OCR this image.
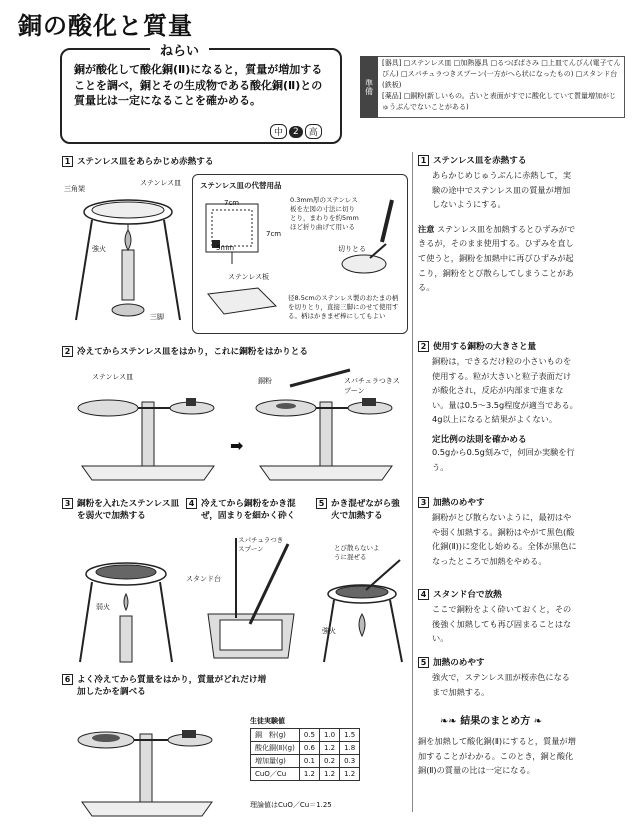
銅の酸化と質量
ねらい
銅が酸化して酸化銅(Ⅱ)になると，質量が増加することを調べ，銅とその生成物である酸化銅(Ⅱ)との質量比は一定になることを確かめる。
中	2	高
準備
[器具] □ステンレス皿 □加熱器具 □るつぼばさみ □上皿てんびん(電子てんびん) □スパチュラつきスプーン(一方がへら状になったもの) □スタンド台(鉄板)
[薬品] □銅粉(新しいもの。古いと表面がすでに酸化していて質量増加がじゅうぶんでないことがある)
1 ステンレス皿をあらかじめ赤熱する
三角架
ステンレス皿
強火
三脚
ステンレス皿の代替用品
7cm
7cm
5mm
0.3mm厚のステンレス板を左図の寸法に切りとり，まわりを約5mmほど折り曲げて用いる
切りとる
ステンレス板
径8.5cmのステンレス製のおたまの柄を切りとり，直接三脚にのせて使用する。柄はかきまぜ棒にしてもよい
2 冷えてからステンレス皿をはかり，これに銅粉をはかりとる
ステンレス皿
➡
銅粉	スパチュラつきスプーン
3 銅粉を入れたステンレス皿を弱火で加熱する
4 冷えてから銅粉をかき混ぜ，固まりを細かく砕く
5 かき混ぜながら強火で加熱する
弱火
スパチュラつきスプーン
スタンド台
とび散らないように混ぜる
強火
6 よく冷えてから質量をはかり，質量がどれだけ増加したかを調べる
生徒実験値
銅　粉(g)	0.5	1.0	1.5
酸化銅(Ⅱ)(g)	0.6	1.2	1.8
増加量(g)	0.1	0.2	0.3
CuO／Cu	1.2	1.2	1.2
理論値はCuO／Cu＝1.25
1 ステンレス皿を赤熱する
あらかじめじゅうぶんに赤熱して，実験の途中でステンレス皿の質量が増加しないようにする。
注意 ステンレス皿を加熱するとひずみができるが，そのまま使用する。ひずみを直して使うと，銅粉を加熱中に再びひずみが起こり，銅粉をとび散らしてしまうことがある。
2 使用する銅粉の大きさと量
銅粉は，できるだけ粒の小さいものを使用する。粒が大きいと粒子表面だけが酸化され，反応が内部まで進まない。量は0.5～3.5g程度が適当である。4g以上になると結果がよくない。
定比例の法則を確かめる
0.5gから0.5g刻みで，何回か実験を行う。
3 加熱のめやす
銅粉がとび散らないように，最初はやや弱く加熱する。銅粉はやがて黒色(酸化銅(Ⅱ))に変化し始める。全体が黒色になったところで加熱をやめる。
4 スタンド台で放熱
ここで銅粉をよく砕いておくと，その後強く加熱しても再び固まることはない。
5 加熱のめやす
強火で，ステンレス皿が桜赤色になるまで加熱する。
❧❧ 結果のまとめ方 ❧
銅を加熱して酸化銅(Ⅱ)にすると，質量が増加することがわかる。このとき，銅と酸化銅(Ⅱ)の質量の比は一定になる。
